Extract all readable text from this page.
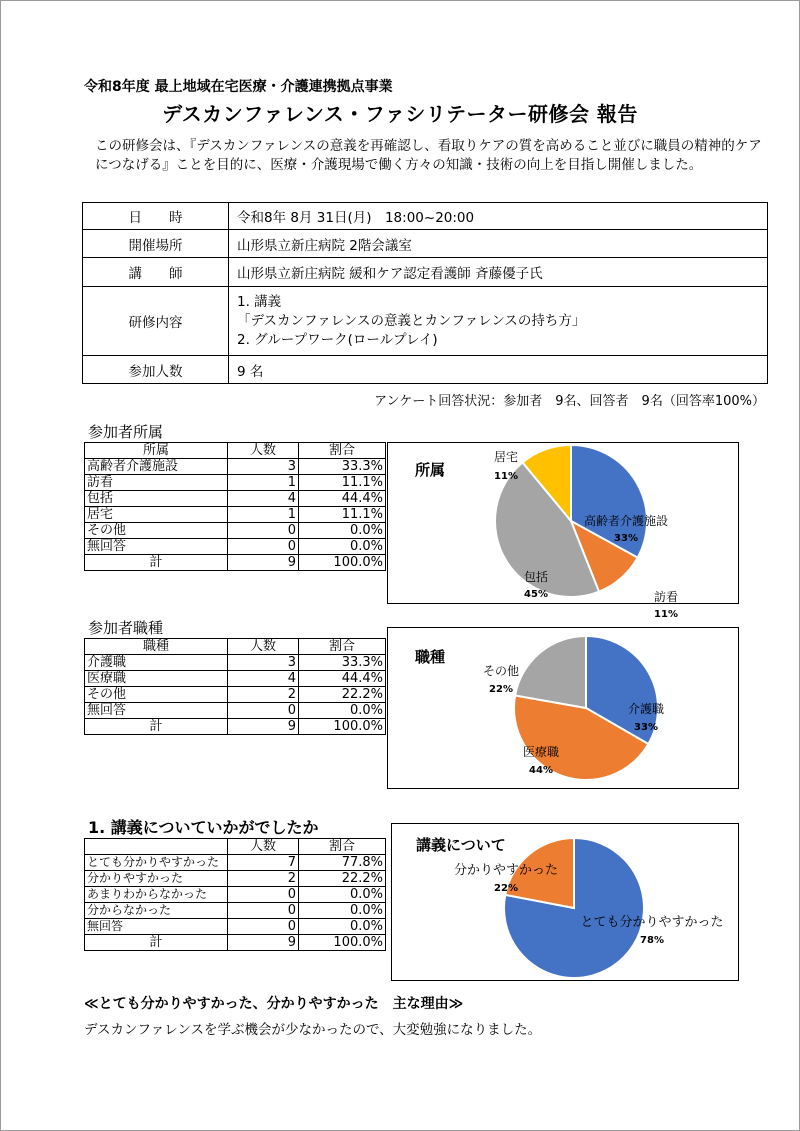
令和8年度 最上地域在宅医療・介護連携拠点事業
デスカンファレンス・ファシリテーター研修会 報告
この研修会は、『デスカンファレンスの意義を再確認し、看取りケアの質を高めること並びに職員の精神的ケアにつなげる』ことを目的に、医療・介護現場で働く方々の知識・技術の向上を目指し開催しました。
日　　時	令和8年 8月 31日(月)　18:00~20:00
開催場所	山形県立新庄病院 2階会議室
講　　師	山形県立新庄病院 緩和ケア認定看護師 斉藤優子氏
研修内容	1. 講義
「デスカンファレンスの意義とカンファレンスの持ち方」
2. グループワーク(ロールプレイ)

参加人数	9 名
アンケート回答状況：参加者　9名、回答者　9名（回答率100%）
参加者所属
所属	人数	割合
高齢者介護施設	3	33.3%
訪看	1	11.1%
包括	4	44.4%
居宅	1	11.1%
その他	0	0.0%
無回答	0	0.0%
計	9	100.0%
所属
高齢者介護施設
33%
訪看
11%
包括
45%
居宅
11%
参加者職種
職種	人数	割合
介護職	3	33.3%
医療職	4	44.4%
その他	2	22.2%
無回答	0	0.0%
計	9	100.0%
職種
介護職
33%
医療職
44%
その他
22%
1. 講義についていかがでしたか
	人数	割合
とても分かりやすかった	7	77.8%
分かりやすかった	2	22.2%
あまりわからなかった	0	0.0%
分からなかった	0	0.0%
無回答	0	0.0%
計	9	100.0%
講義について
とても分かりやすかった
78%
分かりやすかった
22%
≪とても分かりやすかった、分かりやすかった　主な理由≫
デスカンファレンスを学ぶ機会が少なかったので、大変勉強になりました。
